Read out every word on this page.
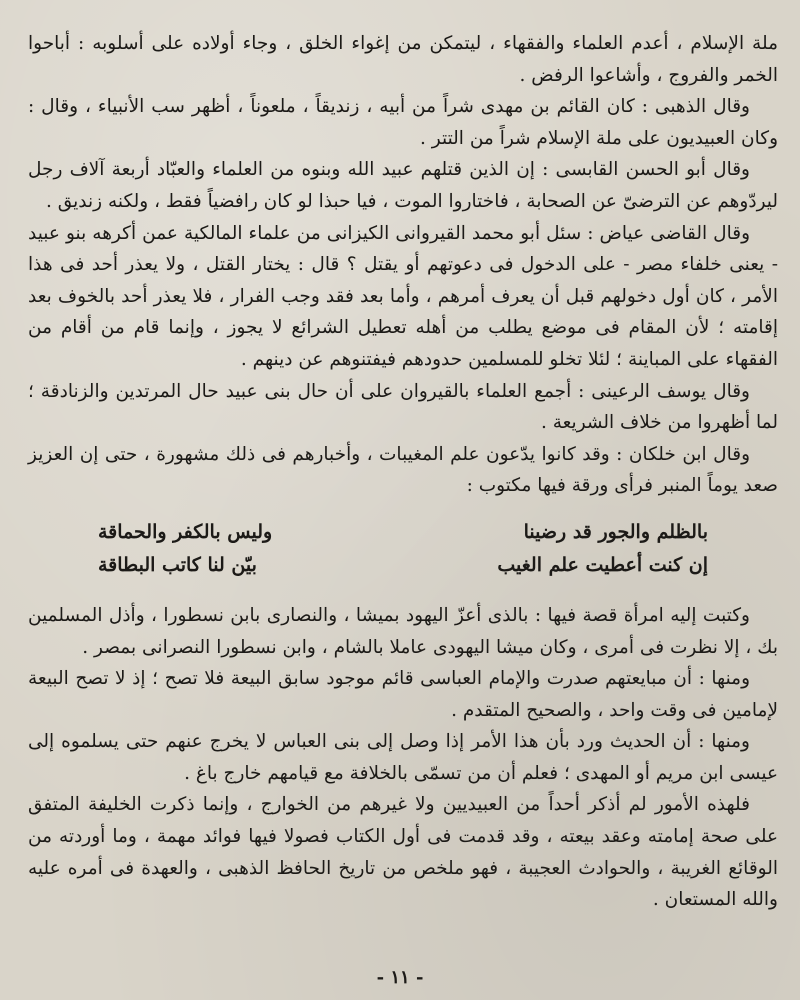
ملة الإسلام ، أعدم العلماء والفقهاء ، ليتمكن من إغواء الخلق ، وجاء أولاده على أسلوبه : أباحوا الخمر والفروج ، وأشاعوا الرفض .

وقال الذهبى : كان القائم بن مهدى شراً من أبيه ، زنديقاً ، ملعوناً ، أظهر سب الأنبياء ، وقال : وكان العبيديون على ملة الإسلام شراً من التتر .

وقال أبو الحسن القابسى : إن الذين قتلهم عبيد الله وبنوه من العلماء والعبّاد أربعة آلاف رجل ليردّوهم عن الترضىّ عن الصحابة ، فاختاروا الموت ، فيا حبذا لو كان رافضياً فقط ، ولكنه زنديق .

وقال القاضى عياض : سئل أبو محمد القيروانى الكيزانى من علماء المالكية عمن أكرهه بنو عبيد - يعنى خلفاء مصر - على الدخول فى دعوتهم أو يقتل ؟ قال : يختار القتل ، ولا يعذر أحد فى هذا الأمر ، كان أول دخولهم قبل أن يعرف أمرهم ، وأما بعد فقد وجب الفرار ، فلا يعذر أحد بالخوف بعد إقامته ؛ لأن المقام فى موضع يطلب من أهله تعطيل الشرائع لا يجوز ، وإنما قام من أقام من الفقهاء على المباينة ؛ لئلا تخلو للمسلمين حدودهم فيفتنوهم عن دينهم .

وقال يوسف الرعينى : أجمع العلماء بالقيروان على أن حال بنى عبيد حال المرتدين والزنادقة ؛ لما أظهروا من خلاف الشريعة .

وقال ابن خلكان : وقد كانوا يدّعون علم المغيبات ، وأخبارهم فى ذلك مشهورة ، حتى إن العزيز صعد يوماً المنبر فرأى ورقة فيها مكتوب :

بالظلم والجور قد رضينا
وليس بالكفر والحماقة
إن كنت أعطيت علم الغيب
بيّن لنا كاتب البطاقة

وكتبت إليه امرأة قصة فيها : بالذى أعزّ اليهود بميشا ، والنصارى بابن نسطورا ، وأذل المسلمين بك ، إلا نظرت فى أمرى ، وكان ميشا اليهودى عاملا بالشام ، وابن نسطورا النصرانى بمصر .

ومنها : أن مبايعتهم صدرت والإمام العباسى قائم موجود سابق البيعة فلا تصح ؛ إذ لا تصح البيعة لإمامين فى وقت واحد ، والصحيح المتقدم .

ومنها : أن الحديث ورد بأن هذا الأمر إذا وصل إلى بنى العباس لا يخرج عنهم حتى يسلموه إلى عيسى ابن مريم أو المهدى ؛ فعلم أن من تسمّى بالخلافة مع قيامهم خارج باغ .

فلهذه الأمور لم أذكر أحداً من العبيديين ولا غيرهم من الخوارج ، وإنما ذكرت الخليفة المتفق على صحة إمامته وعقد بيعته ، وقد قدمت فى أول الكتاب فصولا فيها فوائد مهمة ، وما أوردته من الوقائع الغريبة ، والحوادث العجيبة ، فهو ملخص من تاريخ الحافظ الذهبى ، والعهدة فى أمره عليه والله المستعان .

- ١١ -
